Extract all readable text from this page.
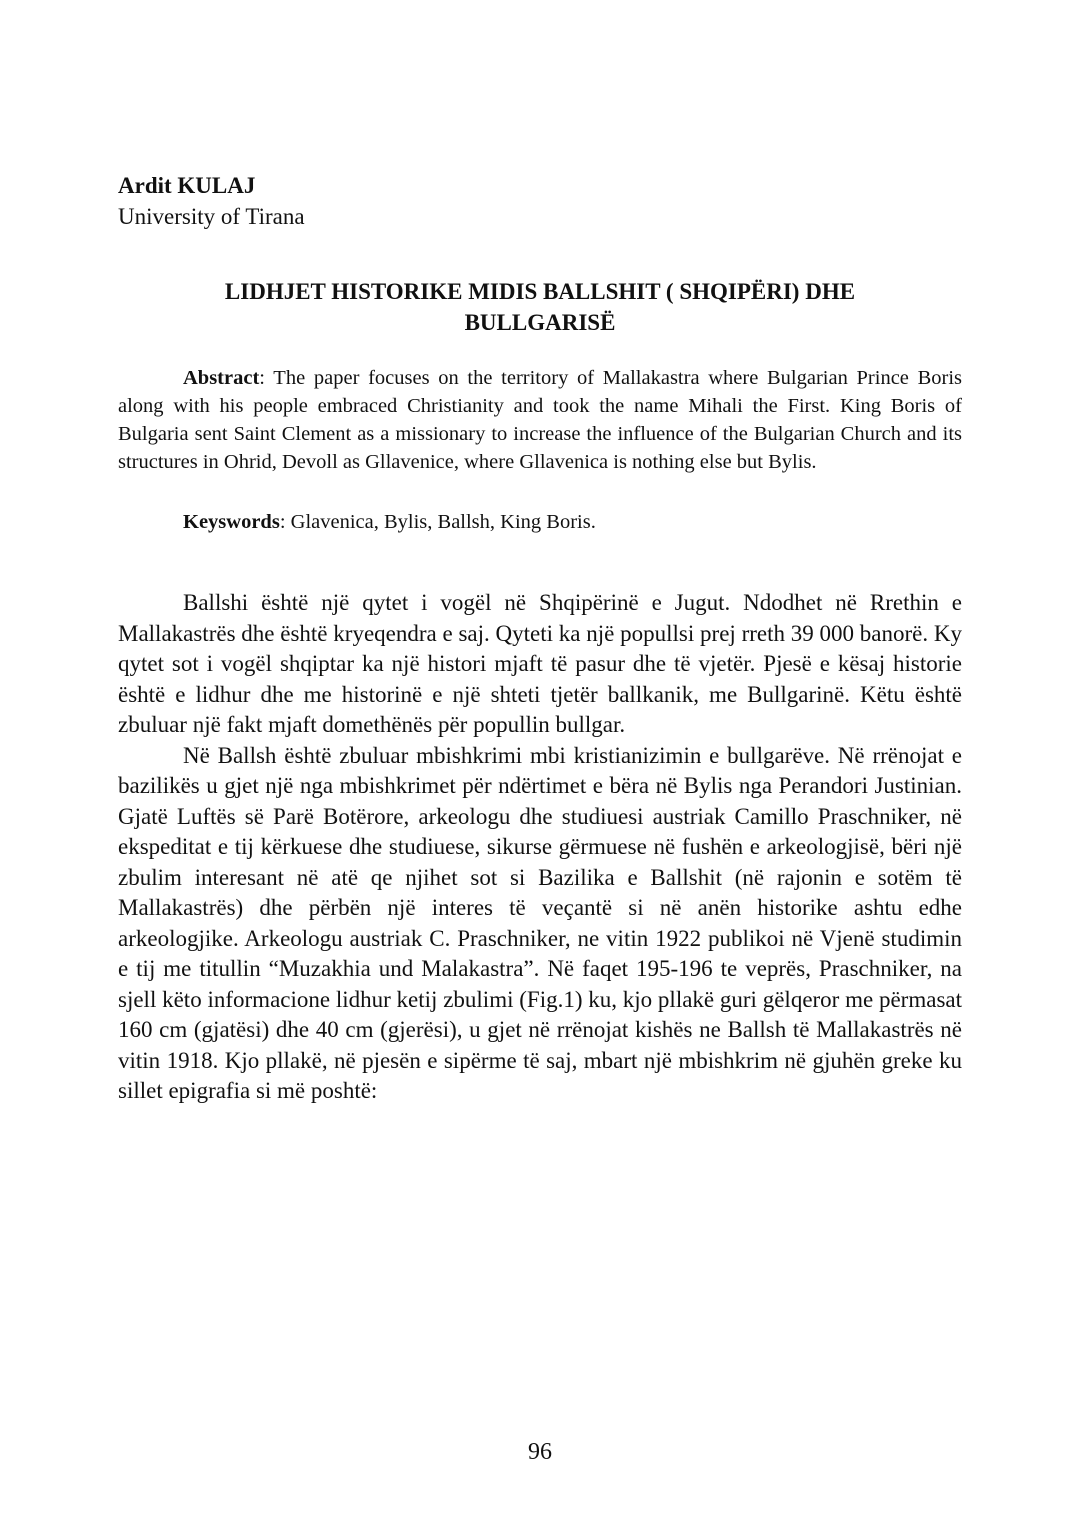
Ardit KULAJ
University of Tirana
LIDHJET HISTORIKE MIDIS BALLSHIT ( SHQIPËRI) DHE
BULLGARISË
Abstract: The paper focuses on the territory of Mallakastra where Bulgarian Prince Boris along with his people embraced Christianity and took the name Mihali the First. King Boris of Bulgaria sent Saint Clement as a missionary to increase the influence of the Bulgarian Church and its structures in Ohrid, Devoll as Gllavenice, where Gllavenica is nothing else but Bylis.
Keyswords: Glavenica, Bylis, Ballsh, King Boris.

Ballshi është një qytet i vogël në Shqipërinë e Jugut. Ndodhet në Rrethin e Mallakastrës dhe është kryeqendra e saj. Qyteti ka një popullsi prej rreth 39 000 banorë. Ky qytet sot i vogël shqiptar ka një histori mjaft të pasur dhe të vjetër. Pjesë e kësaj historie është e lidhur dhe me historinë e një shteti tjetër ballkanik, me Bullgarinë. Këtu është zbuluar një fakt mjaft domethënës për popullin bullgar.

Në Ballsh është zbuluar mbishkrimi mbi kristianizimin e bullgarëve. Në rrënojat e bazilikës u gjet një nga mbishkrimet për ndërtimet e bëra në Bylis nga Perandori Justinian. Gjatë Luftës së Parë Botërore, arkeologu dhe studiuesi austriak Camillo Praschniker, në ekspeditat e tij kërkuese dhe studiuese, sikurse gërmuese në fushën e arkeologjisë, bëri një zbulim interesant në atë qe njihet sot si Bazilika e Ballshit (në rajonin e sotëm të Mallakastrës) dhe përbën një interes të veçantë si në anën historike ashtu edhe arkeologjike. Arkeologu austriak C. Praschniker, ne vitin 1922 publikoi në Vjenë studimin e tij me titullin “Muzakhia und Malakastra”. Në faqet 195-196 te veprës, Praschniker, na sjell këto informacione lidhur ketij zbulimi (Fig.1) ku, kjo pllakë guri gëlqeror me përmasat 160 cm (gjatësi) dhe 40 cm (gjerësi), u gjet në rrënojat kishës ne Ballsh të Mallakastrës në vitin 1918. Kjo pllakë, në pjesën e sipërme të saj, mbart një mbishkrim në gjuhën greke ku sillet epigrafia si më poshtë:

96
